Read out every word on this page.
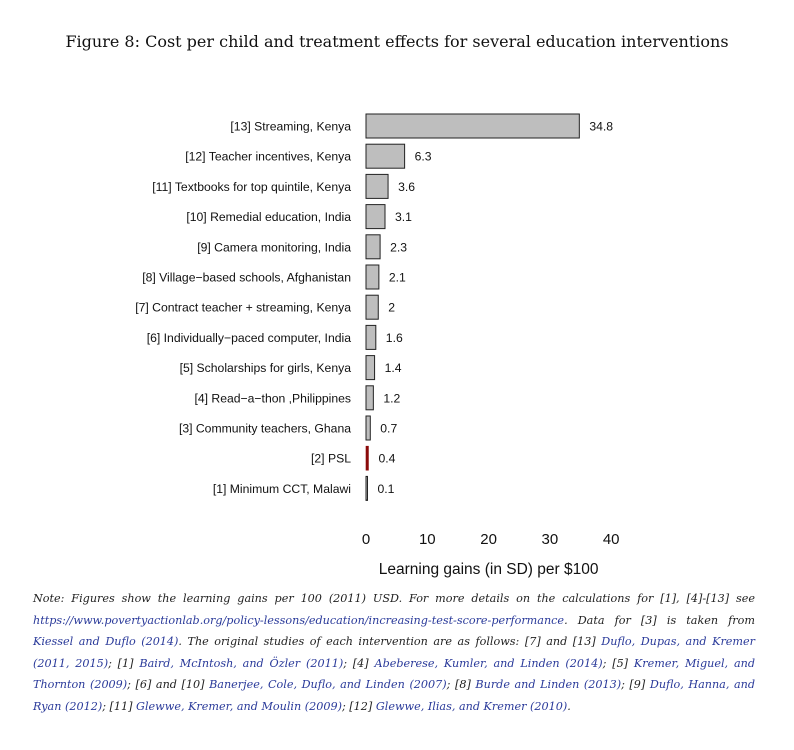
Figure 8: Cost per child and treatment effects for several education interventions
[13] Streaming, Kenya	34.8
[12] Teacher incentives, Kenya	6.3
[11] Textbooks for top quintile, Kenya	3.6
[10] Remedial education, India	3.1
[9] Camera monitoring, India	2.3
[8] Village−based schools, Afghanistan	2.1
[7] Contract teacher + streaming, Kenya	2
[6] Individually−paced computer, India	1.6
[5] Scholarships for girls, Kenya	1.4
[4] Read−a−thon ,Philippines	1.2
[3] Community teachers, Ghana 0.7
[2] PSL 0.4
[1] Minimum CCT, Malawi 0.1
0	10	20	30	40
Learning gains (in SD) per $100
Note: Figures show the learning gains per 100 (2011) USD. For more details on the calculations for [1], [4]-[13] see https://www.povertyactionlab.org/policy-lessons/education/increasing-test-score-performance. Data for [3] is taken from Kiessel and Duflo (2014). The original studies of each intervention are as follows: [7] and [13] Duflo, Dupas, and Kremer (2011, 2015); [1] Baird, McIntosh, and Özler (2011); [4] Abeberese, Kumler, and Linden (2014); [5] Kremer, Miguel, and Thornton (2009); [6] and [10] Banerjee, Cole, Duflo, and Linden (2007); [8] Burde and Linden (2013); [9] Duflo, Hanna, and Ryan (2012); [11] Glewwe, Kremer, and Moulin (2009); [12] Glewwe, Ilias, and Kremer (2010).
